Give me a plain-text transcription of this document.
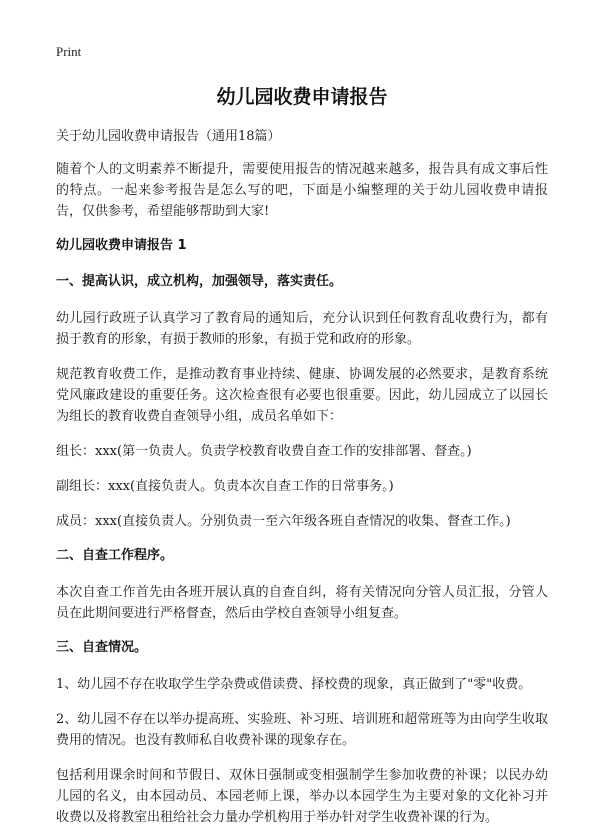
Print
幼儿园收费申请报告
关于幼儿园收费申请报告（通用18篇）

随着个人的文明素养不断提升，需要使用报告的情况越来越多，报告具有成文事后性的特点。一起来参考报告是怎么写的吧，下面是小编整理的关于幼儿园收费申请报告，仅供参考，希望能够帮助到大家!

幼儿园收费申请报告 1
一、提高认识，成立机构，加强领导，落实责任。

幼儿园行政班子认真学习了教育局的通知后，充分认识到任何教育乱收费行为，都有损于教育的形象，有损于教师的形象，有损于党和政府的形象。

规范教育收费工作，是推动教育事业持续、健康、协调发展的必然要求，是教育系统党风廉政建设的重要任务。这次检查很有必要也很重要。因此，幼儿园成立了以园长为组长的教育收费自查领导小组，成员名单如下：

组长：xxx(第一负责人。负责学校教育收费自查工作的安排部署、督查。)

副组长：xxx(直接负责人。负责本次自查工作的日常事务。)

成员：xxx(直接负责人。分别负责一至六年级各班自查情况的收集、督查工作。)

二、自查工作程序。

本次自查工作首先由各班开展认真的自查自纠，将有关情况向分管人员汇报，分管人员在此期间要进行严格督查，然后由学校自查领导小组复查。

三、自查情况。

1、幼儿园不存在收取学生学杂费或借读费、择校费的现象，真正做到了"零"收费。

2、幼儿园不存在以举办提高班、实验班、补习班、培训班和超常班等为由向学生收取费用的情况。也没有教师私自收费补课的现象存在。

包括利用课余时间和节假日、双休日强制或变相强制学生参加收费的补课；以民办幼儿园的名义，由本园动员、本园老师上课，举办以本园学生为主要对象的文化补习并收费以及将教室出租给社会力量办学机构用于举办针对学生收费补课的行为。
